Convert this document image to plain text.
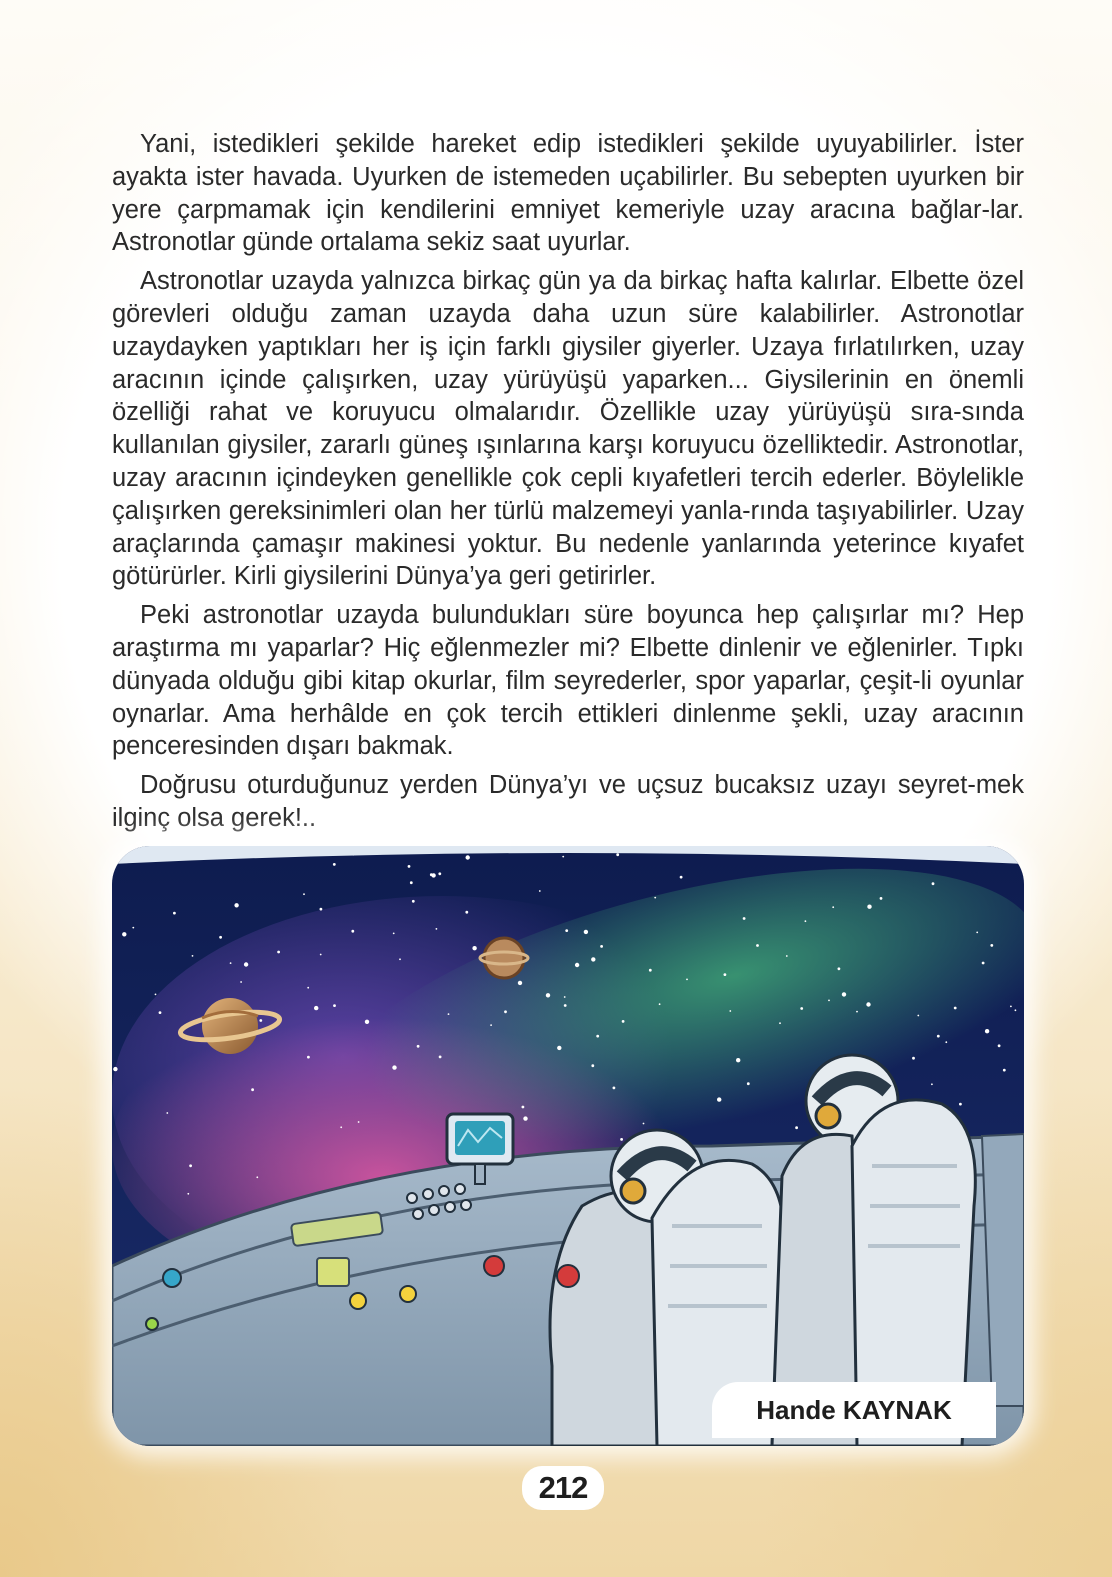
Yani, istedikleri şekilde hareket edip istedikleri şekilde uyuyabilirler. İster ayakta ister havada. Uyurken de istemeden uçabilirler. Bu sebepten uyurken bir yere çarpmamak için kendilerini emniyet kemeriyle uzay aracına bağlar-lar. Astronotlar günde ortalama sekiz saat uyurlar.

Astronotlar uzayda yalnızca birkaç gün ya da birkaç hafta kalırlar. Elbette özel görevleri olduğu zaman uzayda daha uzun süre kalabilirler. Astronotlar uzaydayken yaptıkları her iş için farklı giysiler giyerler. Uzaya fırlatılırken, uzay aracının içinde çalışırken, uzay yürüyüşü yaparken... Giysilerinin en önemli özelliği rahat ve koruyucu olmalarıdır. Özellikle uzay yürüyüşü sıra-sında kullanılan giysiler, zararlı güneş ışınlarına karşı koruyucu özelliktedir. Astronotlar, uzay aracının içindeyken genellikle çok cepli kıyafetleri tercih ederler. Böylelikle çalışırken gereksinimleri olan her türlü malzemeyi yanla-rında taşıyabilirler. Uzay araçlarında çamaşır makinesi yoktur. Bu nedenle yanlarında yeterince kıyafet götürürler. Kirli giysilerini Dünya’ya geri getirirler.

Peki astronotlar uzayda bulundukları süre boyunca hep çalışırlar mı? Hep araştırma mı yaparlar? Hiç eğlenmezler mi? Elbette dinlenir ve eğlenirler. Tıpkı dünyada olduğu gibi kitap okurlar, film seyrederler, spor yaparlar, çeşit-li oyunlar oynarlar. Ama herhâlde en çok tercih ettikleri dinlenme şekli, uzay aracının penceresinden dışarı bakmak.

Doğrusu oturduğunuz yerden Dünya’yı ve uçsuz bucaksız uzayı seyret-mek ilginç olsa gerek!..

Hande KAYNAK
212
